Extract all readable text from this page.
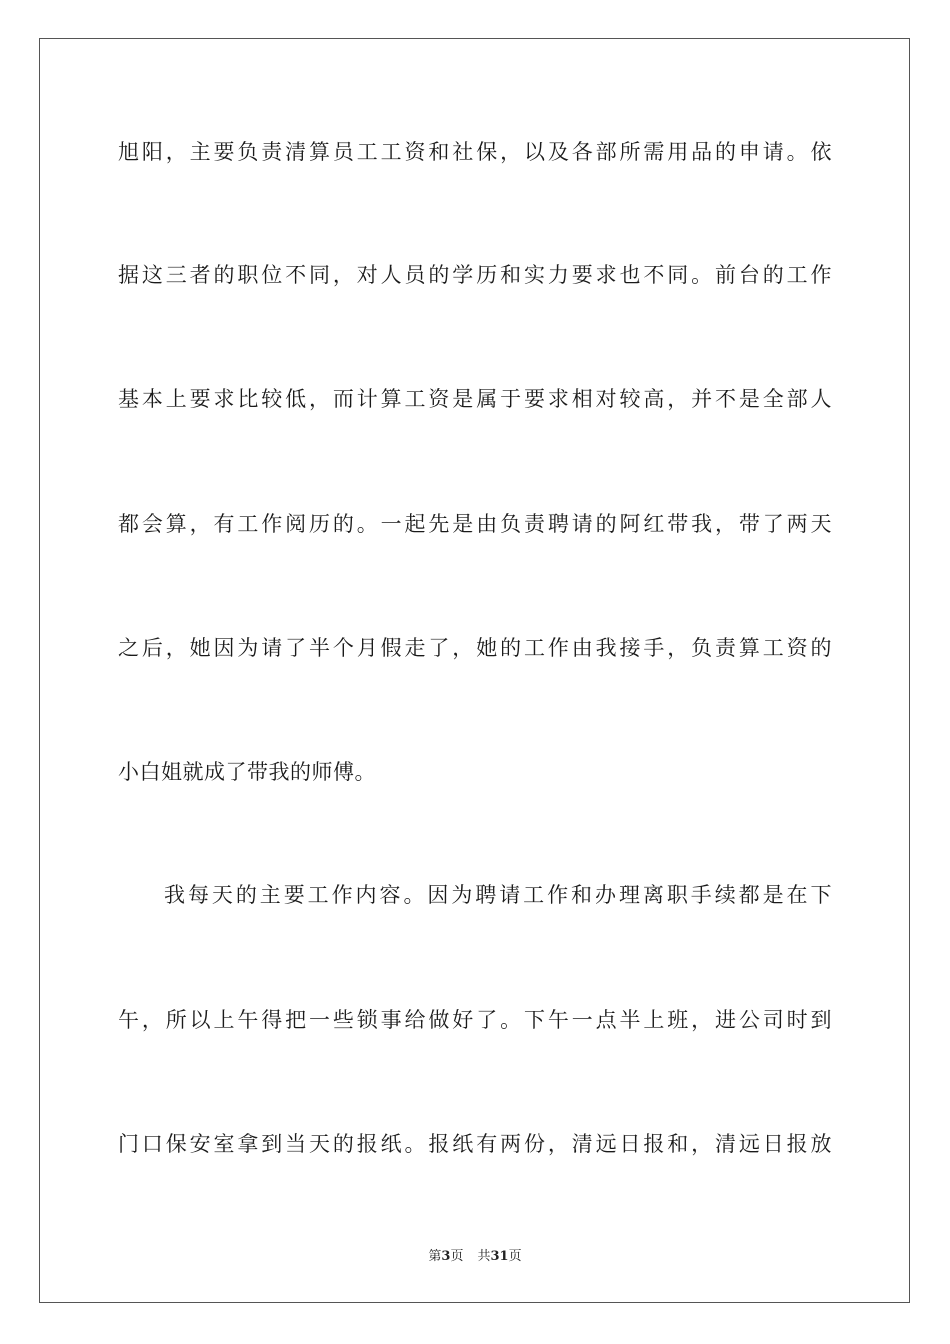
旭阳，主要负责清算员工工资和社保，以及各部所需用品的申请。依
据这三者的职位不同，对人员的学历和实力要求也不同。前台的工作
基本上要求比较低，而计算工资是属于要求相对较高，并不是全部人
都会算，有工作阅历的。一起先是由负责聘请的阿红带我，带了两天
之后，她因为请了半个月假走了，她的工作由我接手，负责算工资的
小白姐就成了带我的师傅。
我每天的主要工作内容。因为聘请工作和办理离职手续都是在下
午，所以上午得把一些锁事给做好了。下午一点半上班，进公司时到
门口保安室拿到当天的报纸。报纸有两份，清远日报和，清远日报放
第3页 共31页
